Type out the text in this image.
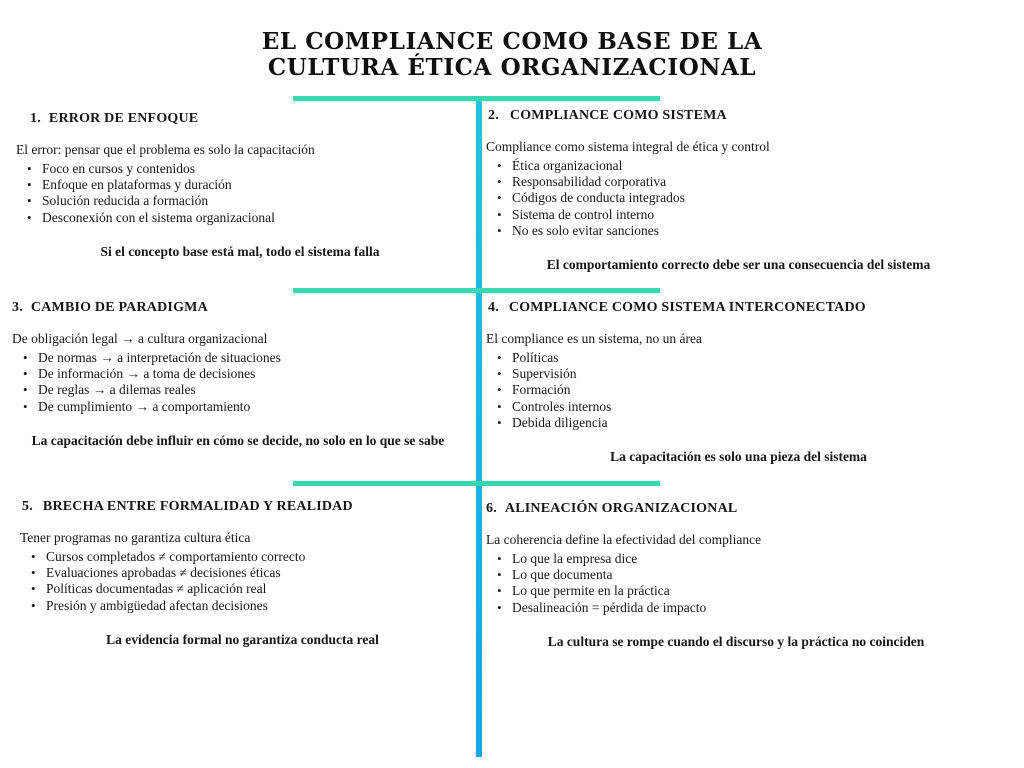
EL COMPLIANCE COMO BASE DE LA
CULTURA ÉTICA ORGANIZACIONAL
1. ERROR DE ENFOQUE
El error: pensar que el problema es solo la capacitación
• Foco en cursos y contenidos
• Enfoque en plataformas y duración
• Solución reducida a formación
• Desconexión con el sistema organizacional
Si el concepto base está mal, todo el sistema falla
2. COMPLIANCE COMO SISTEMA
Compliance como sistema integral de ética y control
• Ética organizacional
• Responsabilidad corporativa
• Códigos de conducta integrados
• Sistema de control interno
• No es solo evitar sanciones
El comportamiento correcto debe ser una consecuencia del sistema
3. CAMBIO DE PARADIGMA
De obligación legal → a cultura organizacional
• De normas → a interpretación de situaciones
• De información → a toma de decisiones
• De reglas → a dilemas reales
• De cumplimiento → a comportamiento
La capacitación debe influir en cómo se decide, no solo en lo que se sabe
4. COMPLIANCE COMO SISTEMA INTERCONECTADO
El compliance es un sistema, no un área
• Políticas
• Supervisión
• Formación
• Controles internos
• Debida diligencia
La capacitación es solo una pieza del sistema
5. BRECHA ENTRE FORMALIDAD Y REALIDAD
Tener programas no garantiza cultura ética
• Cursos completados ≠ comportamiento correcto
• Evaluaciones aprobadas ≠ decisiones éticas
• Políticas documentadas ≠ aplicación real
• Presión y ambigüedad afectan decisiones
La evidencia formal no garantiza conducta real
6. ALINEACIÓN ORGANIZACIONAL
La coherencia define la efectividad del compliance
• Lo que la empresa dice
• Lo que documenta
• Lo que permite en la práctica
• Desalineación = pérdida de impacto
La cultura se rompe cuando el discurso y la práctica no coinciden
